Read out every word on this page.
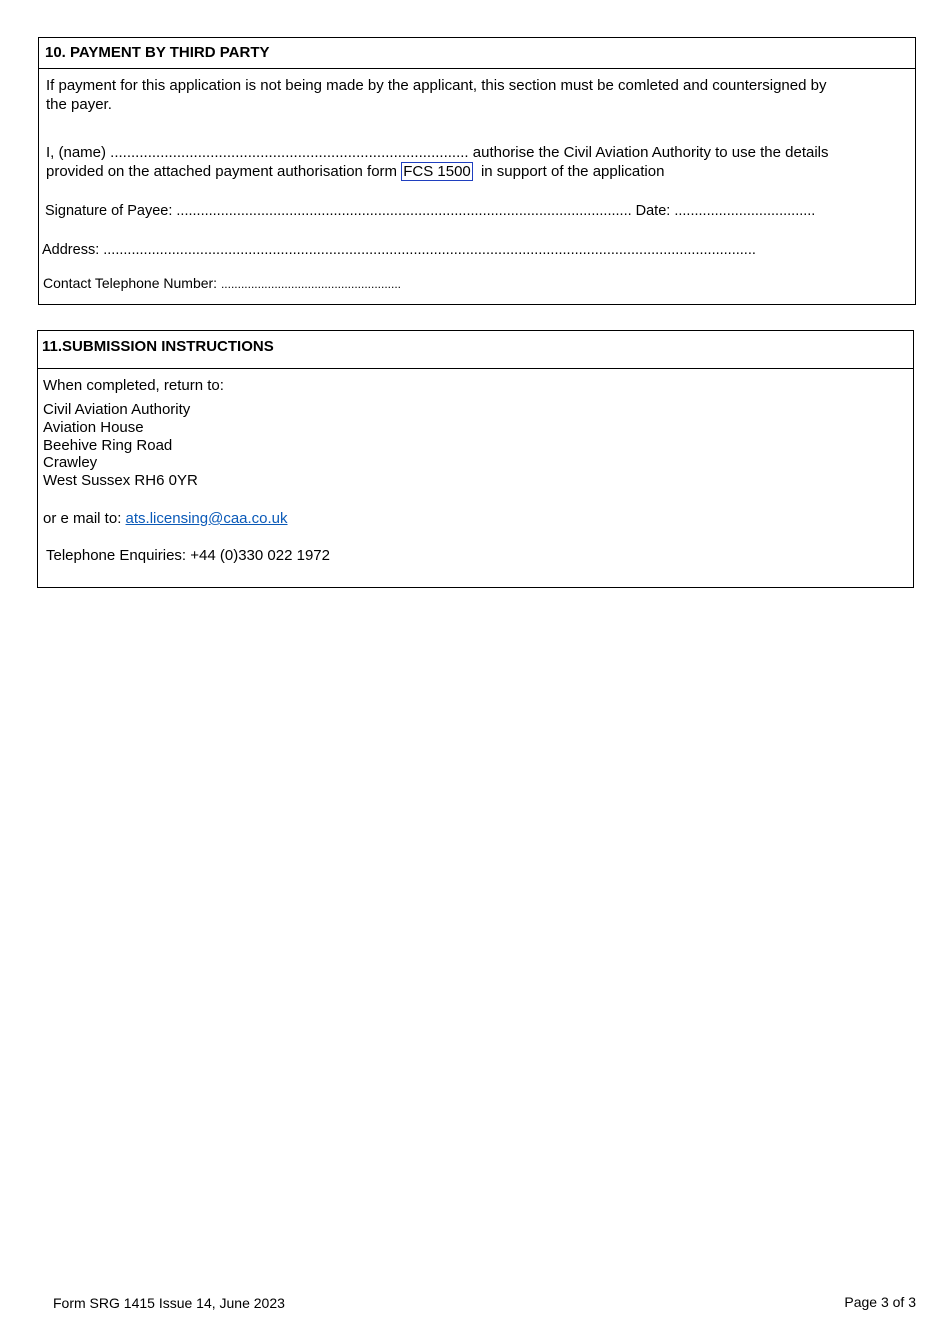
10. PAYMENT BY THIRD PARTY
If payment for this application is not being made by the applicant, this section must be comleted and countersigned by
the payer.
I, (name) ...................................................................................... authorise the Civil Aviation Authority to use the details
provided on the attached payment authorisation form FCS 1500 in support of the application
Signature of Payee: ................................................................................................................. Date: ...................................
Address: ..................................................................................................................................................................
Contact Telephone Number: ......................................................
11.SUBMISSION INSTRUCTIONS
When completed, return to:
Civil Aviation Authority
Aviation House
Beehive Ring Road
Crawley
West Sussex RH6 0YR
or e mail to: ats.licensing@caa.co.uk
Telephone Enquiries: +44 (0)330 022 1972
Form SRG 1415 Issue 14, June 2023	Page 3 of 3
